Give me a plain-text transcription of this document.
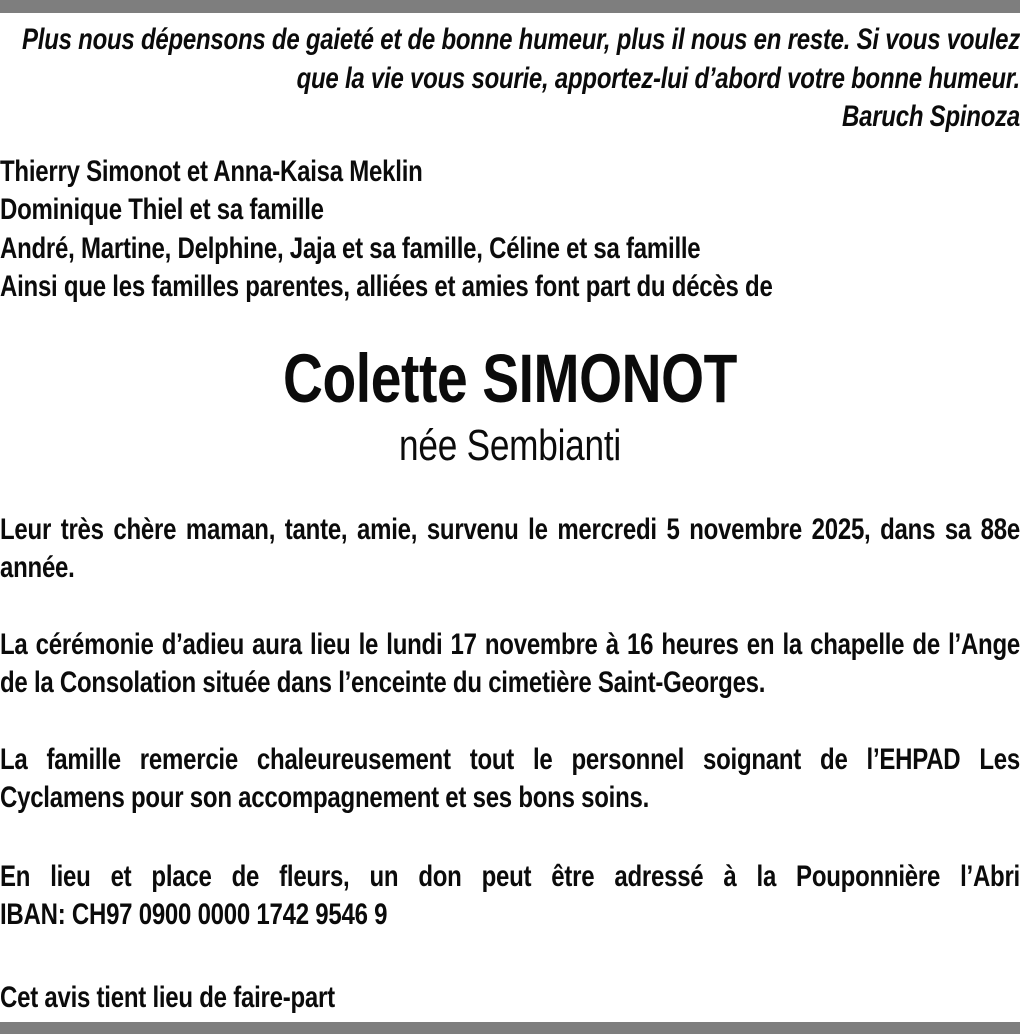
Plus nous dépensons de gaieté et de bonne humeur, plus il nous en reste. Si vous voulez que la vie vous sourie, apportez-lui d’abord votre bonne humeur.

Baruch Spinoza

Thierry Simonot et Anna-Kaisa Meklin
Dominique Thiel et sa famille
André, Martine, Delphine, Jaja et sa famille, Céline et sa famille
Ainsi que les familles parentes, alliées et amies font part du décès de
Colette SIMONOT
née Sembianti

Leur très chère maman, tante, amie, survenu le mercredi 5 novembre 2025, dans sa 88e année.

La cérémonie d’adieu aura lieu le lundi 17 novembre à 16 heures en la chapelle de l’Ange de la Consolation située dans l’enceinte du cimetière Saint-Georges.

La famille remercie chaleureusement tout le personnel soignant de l’EHPAD Les Cyclamens pour son accompagnement et ses bons soins.

En lieu et place de fleurs, un don peut être adressé à la Pouponnière l’Abri
IBAN: CH97 0900 0000 1742 9546 9

Cet avis tient lieu de faire-part
